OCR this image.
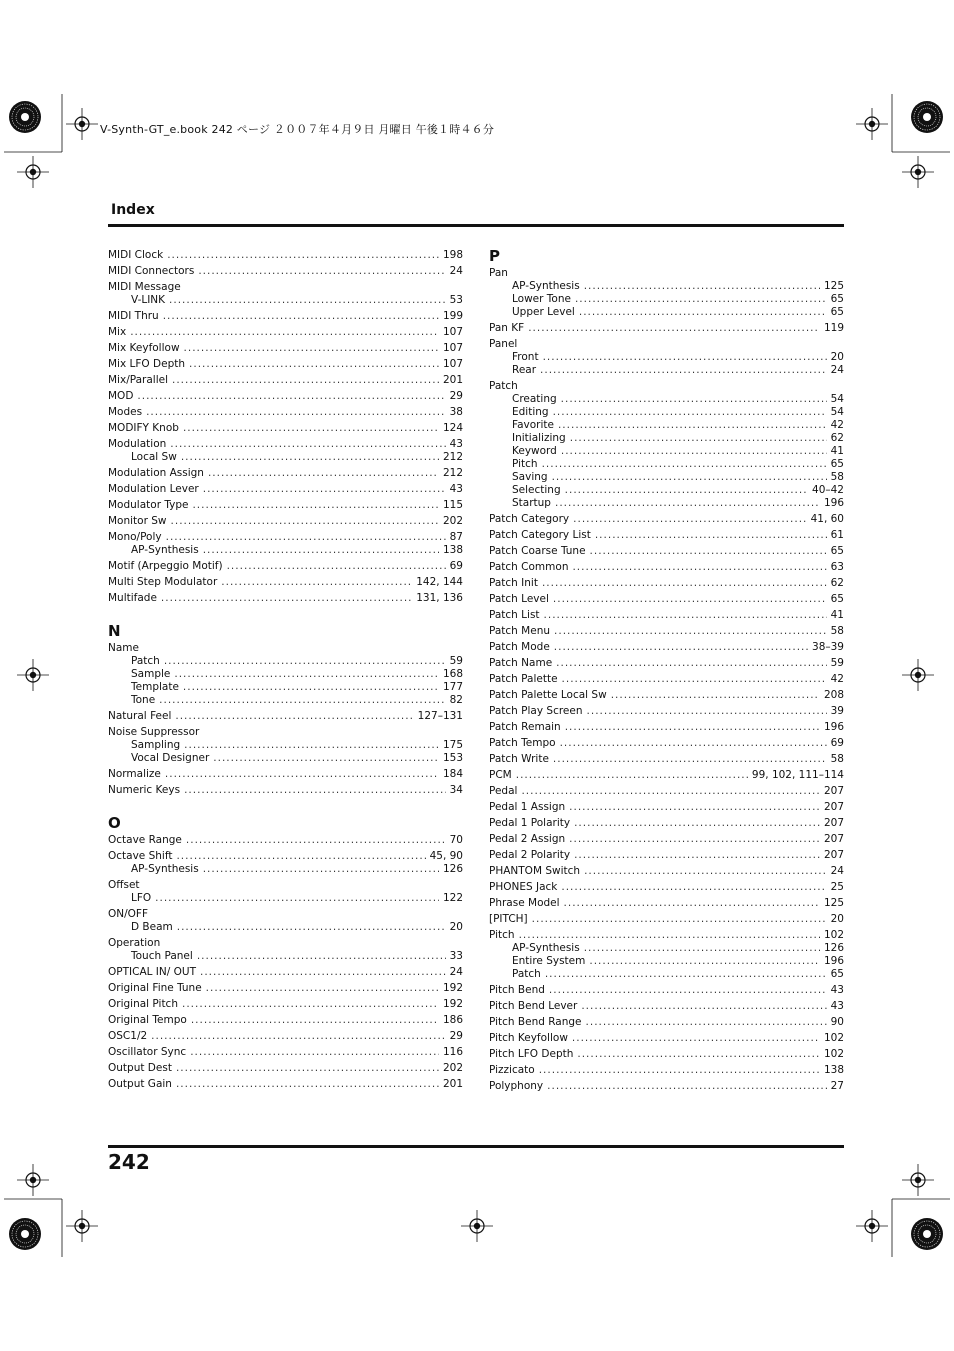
V-Synth-GT_e.book 242 ページ ２００７年４月９日 月曜日 午後１時４６分
Index
MIDI Clock .....	198
MIDI Connectors .....	24
MIDI Message
V-LINK .....	53
MIDI Thru .....	199
Mix .....	107
Mix Keyfollow .....	107
Mix LFO Depth .....	107
Mix/Parallel .....	201
MOD .....	29
Modes .....	38
MODIFY Knob .....	124
Modulation .....	43
Local Sw .....	212
Modulation Assign .....	212
Modulation Lever .....	43
Modulator Type .....	115
Monitor Sw .....	202
Mono/Poly .....	87
AP-Synthesis .....	138
Motif (Arpeggio Motif) .....	69
Multi Step Modulator .....	142, 144
Multifade .....	131, 136
N
Name
Patch .....	59
Sample .....	168
Template .....	177
Tone .....	82
Natural Feel .....	127–131
Noise Suppressor
Sampling .....	175
Vocal Designer .....	153
Normalize .....	184
Numeric Keys .....	34
O
Octave Range .....	70
Octave Shift .....	45, 90
AP-Synthesis .....	126
Offset
LFO .....	122
ON/OFF
D Beam .....	20
Operation
Touch Panel .....	33
OPTICAL IN/ OUT .....	24
Original Fine Tune .....	192
Original Pitch .....	192
Original Tempo .....	186
OSC1/2 .....	29
Oscillator Sync .....	116
Output Dest .....	202
Output Gain .....	201
P
Pan
AP-Synthesis .....	125
Lower Tone .....	65
Upper Level .....	65
Pan KF .....	119
Panel
Front .....	20
Rear .....	24
Patch
Creating .....	54
Editing .....	54
Favorite .....	42
Initializing .....	62
Keyword .....	41
Pitch .....	65
Saving .....	58
Selecting .....	40–42
Startup .....	196
Patch Category .....	41, 60
Patch Category List .....	61
Patch Coarse Tune .....	65
Patch Common .....	63
Patch Init .....	62
Patch Level .....	65
Patch List .....	41
Patch Menu .....	58
Patch Mode .....	38–39
Patch Name .....	59
Patch Palette .....	42
Patch Palette Local Sw .....	208
Patch Play Screen .....	39
Patch Remain .....	196
Patch Tempo .....	69
Patch Write .....	58
PCM .....	99, 102, 111–114
Pedal .....	207
Pedal 1 Assign .....	207
Pedal 1 Polarity .....	207
Pedal 2 Assign .....	207
Pedal 2 Polarity .....	207
PHANTOM Switch .....	24
PHONES Jack .....	25
Phrase Model .....	125
[PITCH] .....	20
Pitch .....	102
AP-Synthesis .....	126
Entire System .....	196
Patch .....	65
Pitch Bend .....	43
Pitch Bend Lever .....	43
Pitch Bend Range .....	90
Pitch Keyfollow .....	102
Pitch LFO Depth .....	102
Pizzicato .....	138
Polyphony .....	27
242
